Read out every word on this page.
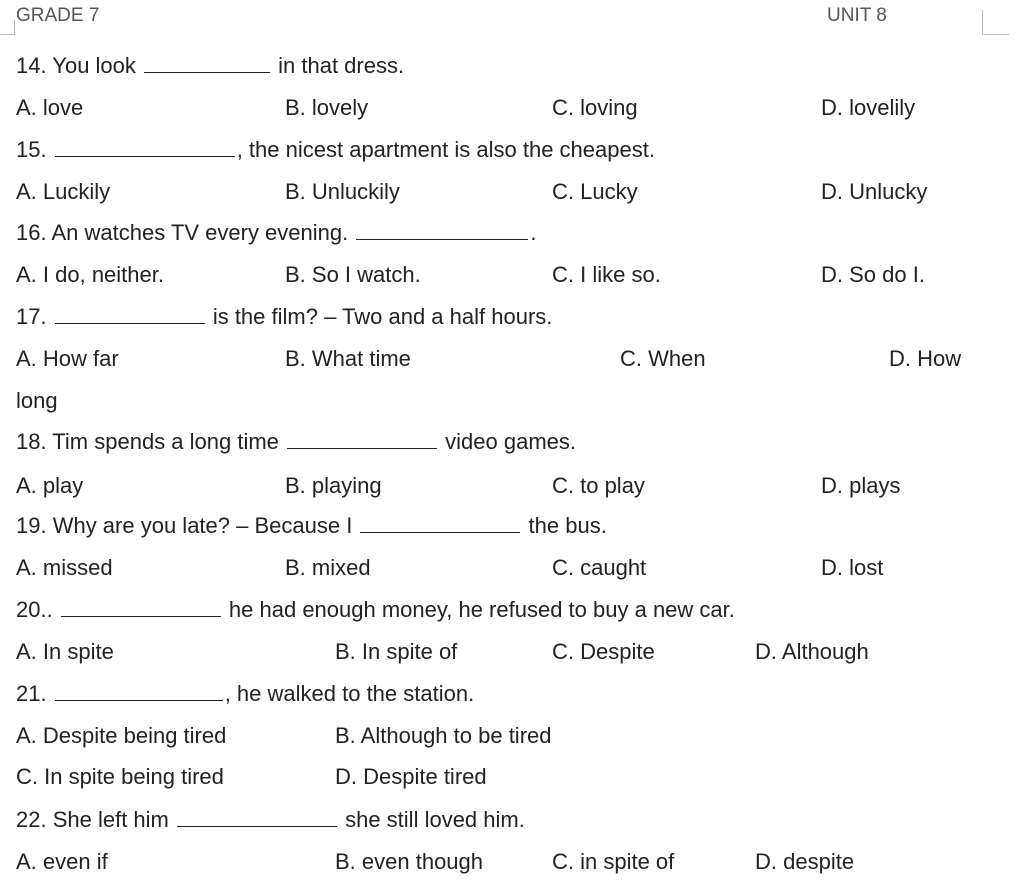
GRADE 7	UNIT 8
14. You look	in that dress.
A. love	B. lovely	C. loving	D. lovelily
15.	, the nicest apartment is also the cheapest.
A. Luckily	B. Unluckily	C. Lucky	D. Unlucky
16. An watches TV every evening.	.
A. I do, neither.	B. So I watch.	C. I like so.	D. So do I.
17.	is the film? – Two and a half hours.
A. How far	B. What time	C. When	D. How
long
18. Tim spends a long time	video games.
A. play	B. playing	C. to play	D. plays
19. Why are you late? – Because I	the bus.
A. missed	B. mixed	C. caught	D. lost
20..	he had enough money, he refused to buy a new car.
A. In spite	B. In spite of	C. Despite	D. Although
21.	, he walked to the station.
A. Despite being tired	B. Although to be tired
C. In spite being tired	D. Despite tired
22. She left him	she still loved him.
A. even if	B. even though	C. in spite of	D. despite
